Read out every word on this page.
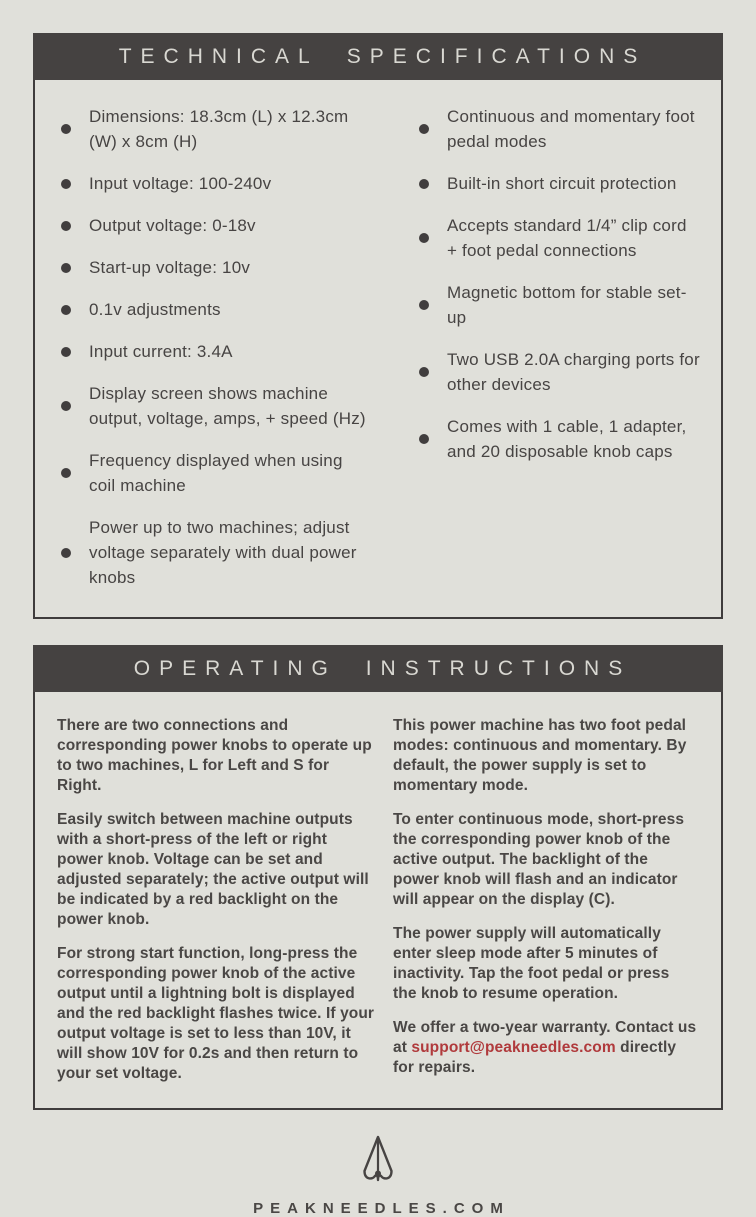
TECHNICAL SPECIFICATIONS
Dimensions: 18.3cm (L) x 12.3cm (W) x 8cm (H)
Input voltage: 100-240v
Output voltage: 0-18v
Start-up voltage: 10v
0.1v adjustments
Input current: 3.4A
Display screen shows machine output, voltage, amps, + speed (Hz)
Frequency displayed when using coil machine
Power up to two machines; adjust voltage separately with dual power knobs
Continuous and momentary foot pedal modes
Built-in short circuit protection
Accepts standard 1/4” clip cord + foot pedal connections
Magnetic bottom for stable set-up
Two USB 2.0A charging ports for other devices
Comes with 1 cable, 1 adapter, and 20 disposable knob caps
OPERATING INSTRUCTIONS

There are two connections and corresponding power knobs to operate up to two machines, L for Left and S for Right.

Easily switch between machine outputs with a short-press of the left or right power knob. Voltage can be set and adjusted separately; the active output will be indicated by a red backlight on the power knob.

For strong start function, long-press the corresponding power knob of the active output until a lightning bolt is displayed and the red backlight flashes twice. If your output voltage is set to less than 10V, it will show 10V for 0.2s and then return to your set voltage.

This power machine has two foot pedal modes: continuous and momentary. By default, the power supply is set to momentary mode.

To enter continuous mode, short-press the corresponding power knob of the active output. The backlight of the power knob will flash and an indicator will appear on the display (C).

The power supply will automatically enter sleep mode after 5 minutes of inactivity. Tap the foot pedal or press the knob to resume operation.

We offer a two-year warranty. Contact us at support@peakneedles.com directly for repairs.

PEAKNEEDLES.COM
